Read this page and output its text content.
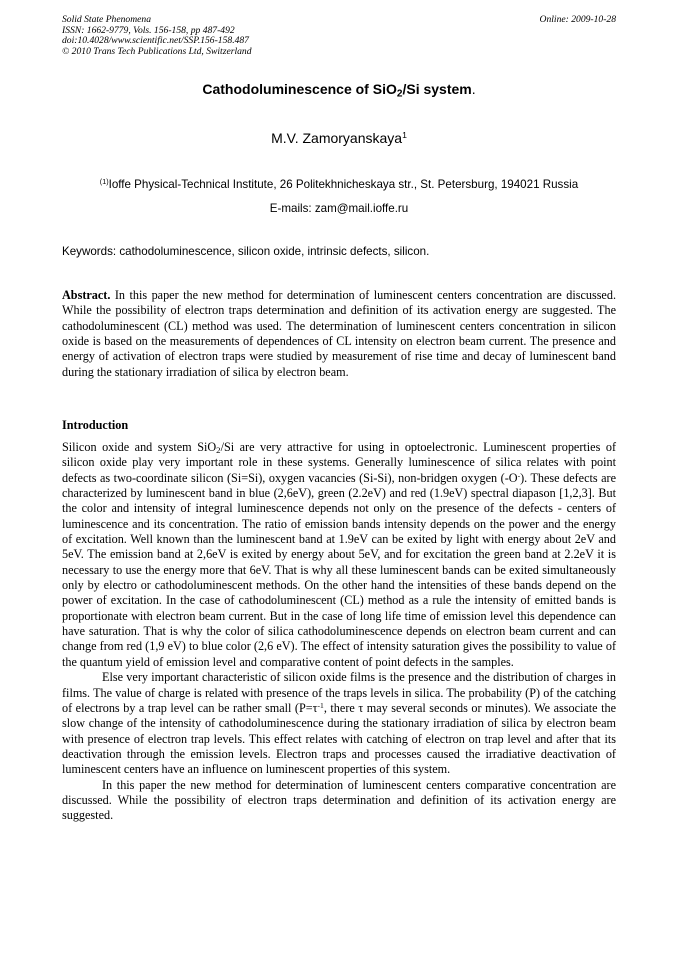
Solid State Phenomena
ISSN: 1662-9779, Vols. 156-158, pp 487-492
doi:10.4028/www.scientific.net/SSP.156-158.487
© 2010 Trans Tech Publications Ltd, Switzerland
Online: 2009-10-28
Cathodoluminescence of SiO$_2$/Si system.
M.V. Zamoryanskaya$^1$
$^{(1)}$Ioffe Physical-Technical Institute, 26 Politekhnicheskaya str., St. Petersburg, 194021 Russia
E-mails: zam@mail.ioffe.ru
Keywords: cathodoluminescence, silicon oxide, intrinsic defects, silicon.

Abstract. In this paper the new method for determination of luminescent centers concentration are discussed. While the possibility of electron traps determination and definition of its activation energy are suggested. The cathodoluminescent (CL) method was used. The determination of luminescent centers concentration in silicon oxide is based on the measurements of dependences of CL intensity on electron beam current. The presence and energy of activation of electron traps were studied by measurement of rise time and decay of luminescent band during the stationary irradiation of silica by electron beam.

Introduction

Silicon oxide and system SiO$_2$/Si are very attractive for using in optoelectronic. Luminescent properties of silicon oxide play very important role in these systems. Generally luminescence of silica relates with point defects as two-coordinate silicon (Si=Si), oxygen vacancies (Si-Si), non-bridgen oxygen (-O-). These defects are characterized by luminescent band in blue (2,6eV), green (2.2eV) and red (1.9eV) spectral diapason [1,2,3]. But the color and intensity of integral luminescence depends not only on the presence of the defects - centers of luminescence and its concentration. The ratio of emission bands intensity depends on the power and the energy of excitation. Well known than the luminescent band at 1.9eV can be exited by light with energy about 2eV and 5eV. The emission band at 2,6eV is exited by energy about 5eV, and for excitation the green band at 2.2eV it is necessary to use the energy more that 6eV. That is why all these luminescent bands can be exited simultaneously only by electro or cathodoluminescent methods. On the other hand the intensities of these bands depend on the power of excitation. In the case of cathodoluminescent (CL) method as a rule the intensity of emitted bands is proportionate with electron beam current. But in the case of long life time of emission level this dependence can have saturation. That is why the color of silica cathodoluminescence depends on electron beam current and can change from red (1,9 eV) to blue color (2,6 eV). The effect of intensity saturation gives the possibility to value of the quantum yield of emission level and comparative content of point defects in the samples.

Else very important characteristic of silicon oxide films is the presence and the distribution of charges in films. The value of charge is related with presence of the traps levels in silica. The probability (P) of the catching of electrons by a trap level can be rather small ($P=\tau^{-1}$, there τ may several seconds or minutes). We associate the slow change of the intensity of cathodoluminescence during the stationary irradiation of silica by electron beam with presence of electron trap levels. This effect relates with catching of electron on trap level and after that its deactivation through the emission levels. Electron traps and processes caused the irradiative deactivation of luminescent centers have an influence on luminescent properties of this system.

In this paper the new method for determination of luminescent centers comparative concentration are discussed. While the possibility of electron traps determination and definition of its activation energy are suggested.
